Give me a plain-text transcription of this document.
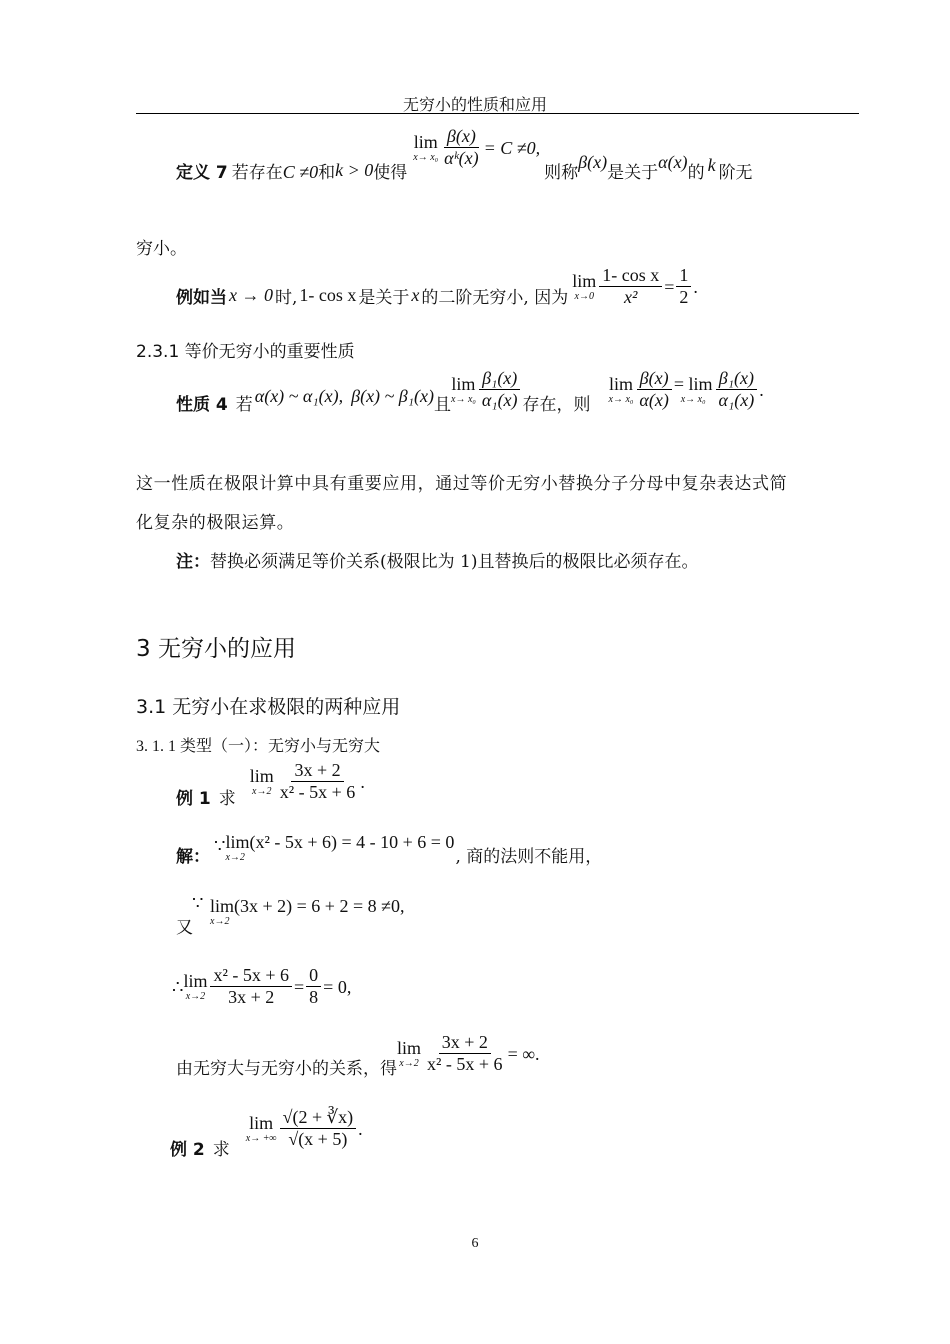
无穷小的性质和应用
定义 7 若存在 C ≠0 和 k > 0 使得
lim
$x\to x_0 \frac{\beta(x)}{\text{αᵏ(x)}} = C \ne 0$,
则称
β(x)
是关于
α(x)
的 k 阶无
穷小。
例如当 x → 0 时, 1- cos x 是关于 x 的二阶无穷小, 因为
lim
$x\to 0 \frac{\text{1- cos x}}{\text{x²}} = \frac{1}{2}$ .
2.3.1 等价无穷小的重要性质
性质 4 若 α(x) ~ α₁(x), β(x) ~ β₁(x) 且
lim
$x\to x_0 \frac{\text{β₁(x)}}{\text{α₁(x)}}$ 存在，则
lim
$x\to x_0 \frac{\beta(x)}{\alpha(x)} = \lim$
$x\to x_0 \frac{\text{β₁(x)}}{\text{α₁(x)}}$ .
这一性质在极限计算中具有重要应用，通过等价无穷小替换分子分母中复杂表达式简
化复杂的极限运算。
注：替换必须满足等价关系(极限比为 1)且替换后的极限比必须存在。
3 无穷小的应用
3.1 无穷小在求极限的两种应用
3. 1. 1 类型（一）：无穷小与无穷大
例 1 求
lim
$x\to 2 \frac{3x + 2}{\text{x² - 5x + 6}}$ .
解：
∵ lim(x² - 5x + 6) = 4 - 10 + 6 = 0
x→2	, 商的法则不能用，
又
∵ lim(3x + 2) = 6 + 2 = 8 ≠0,
x→2
∴ lim
$x\to 2 \frac{\text{x² - 5x + 6}}{3x + 2} = \frac{0}{8} = 0$,
由无穷大与无穷小的关系，得
lim
$x\to 2 \frac{3x + 2}{\text{x² - 5x + 6}}$ = ∞.
例 2 求
lim
x→ +∞ $\frac{√(2 + ∛x)}{√(x + 5)}$ .
6
